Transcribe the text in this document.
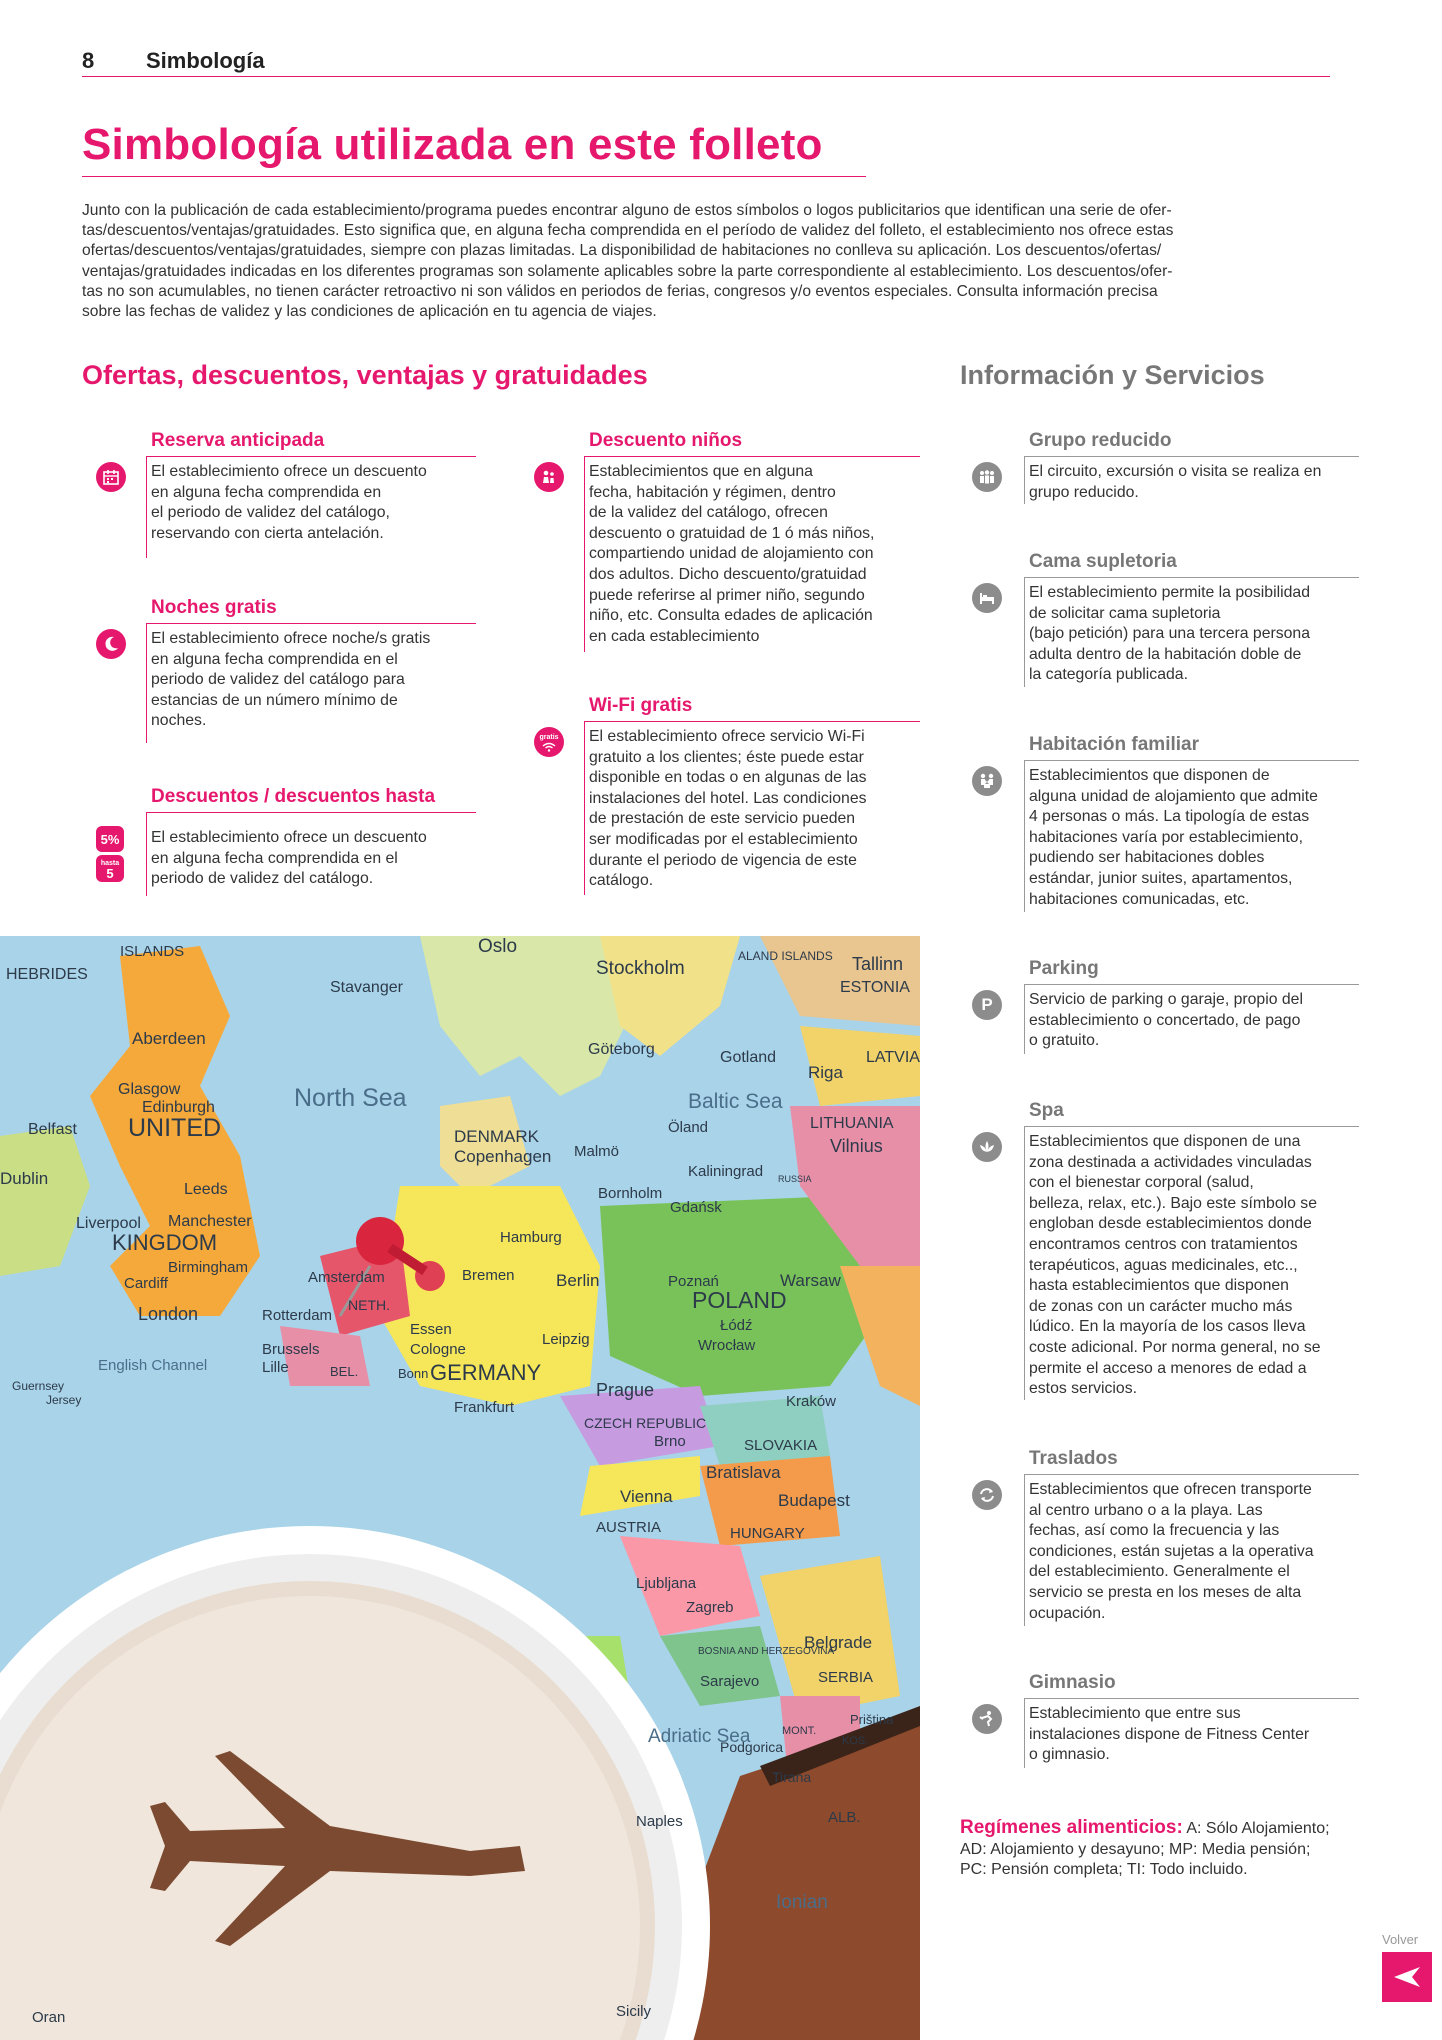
8 Simbología
Simbología utilizada en este folleto
Junto con la publicación de cada establecimiento/programa puedes encontrar alguno de estos símbolos o logos publicitarios que identifican una serie de ofer-
tas/descuentos/ventajas/gratuidades. Esto significa que, en alguna fecha comprendida en el período de validez del folleto, el establecimiento nos ofrece estas
ofertas/descuentos/ventajas/gratuidades, siempre con plazas limitadas. La disponibilidad de habitaciones no conlleva su aplicación. Los descuentos/ofertas/
ventajas/gratuidades indicadas en los diferentes programas son solamente aplicables sobre la parte correspondiente al establecimiento. Los descuentos/ofer-
tas no son acumulables, no tienen carácter retroactivo ni son válidos en periodos de ferias, congresos y/o eventos especiales. Consulta información precisa
sobre las fechas de validez y las condiciones de aplicación en tu agencia de viajes.
Ofertas, descuentos, ventajas y gratuidades	Información y Servicios
Reserva anticipada
El establecimiento ofrece un descuento
en alguna fecha comprendida en
el periodo de validez del catálogo,
reservando con cierta antelación.
Noches gratis
El establecimiento ofrece noche/s gratis
en alguna fecha comprendida en el
periodo de validez del catálogo para
estancias de un número mínimo de
noches.
5 %
hasta
5
Descuentos / descuentos hasta
El establecimiento ofrece un descuento
en alguna fecha comprendida en el
periodo de validez del catálogo.
Descuento niños
Establecimientos que en alguna
fecha, habitación y régimen, dentro
de la validez del catálogo, ofrecen
descuento o gratuidad de 1 ó más niños,
compartiendo unidad de alojamiento con
dos adultos. Dicho descuento/gratuidad
puede referirse al primer niño, segundo
niño, etc. Consulta edades de aplicación
en cada establecimiento
gratis
Wi-Fi gratis
El establecimiento ofrece servicio Wi-Fi
gratuito a los clientes; éste puede estar
disponible en todas o en algunas de las
instalaciones del hotel. Las condiciones
de prestación de este servicio pueden
ser modificadas por el establecimiento
durante el periodo de vigencia de este
catálogo.
Grupo reducido
El circuito, excursión o visita se realiza en
grupo reducido.
Cama supletoria
El establecimiento permite la posibilidad
de solicitar cama supletoria
(bajo petición) para una tercera persona
adulta dentro de la habitación doble de
la categoría publicada.
Habitación familiar
Establecimientos que disponen de
alguna unidad de alojamiento que admite
4 personas o más. La tipología de estas
habitaciones varía por establecimiento,
pudiendo ser habitaciones dobles
estándar, junior suites, apartamentos,
habitaciones comunicadas, etc.
P
Parking
Servicio de parking o garaje, propio del
establecimiento o concertado, de pago
o gratuito.
Spa
Establecimientos que disponen de una
zona destinada a actividades vinculadas
con el bienestar corporal (salud,
belleza, relax, etc.). Bajo este símbolo se
engloban desde establecimientos donde
encontramos centros con tratamientos
terapéuticos, aguas medicinales, etc..,
hasta establecimientos que disponen
de zonas con un carácter mucho más
lúdico. En la mayoría de los casos lleva
coste adicional. Por norma general, no se
permite el acceso a menores de edad a
estos servicios.
Traslados
Establecimientos que ofrecen transporte
al centro urbano o a la playa. Las
fechas, así como la frecuencia y las
condiciones, están sujetas a la operativa
del establecimiento. Generalmente el
servicio se presta en los meses de alta
ocupación.
Gimnasio
Establecimiento que entre sus
instalaciones dispone de Fitness Center
o gimnasio.
Regímenes alimenticios: A: Sólo Alojamiento;
AD: Alojamiento y desayuno; MP: Media pensión;
PC: Pensión completa; TI: Todo incluido.
HEBRIDES
ISLANDS	Oslo
Stockholm
ALAND ISLANDS Tallinn
ESTONIA
Aberdeen
Stavanger
Göteborg	Gotland
Riga
LATVIA
North Sea
Glasgow
Edinburgh
UNITED
Belfast	DENMARK
Copenhagen Malmö
Baltic Sea
Öland	LITHUANIA
Vilnius
Dublin
Leeds
Liverpool Manchester
Kaliningrad RUSSIA
Bornholm
Gdańsk
KINGDOM
Birmingham
Cardiff
London
Amsterdam
Hamburg
Bremen Berlin	Poznań
POLAND
Warsaw
Rotterdam
NETH.
Essen
Cologne
Leipzig
Łódź
Wrocław
Brussels
Lille	BEL.	Bonn GERMANY
English Channel
Guernsey
Jersey	Frankfurt
Prague
CZECH REPUBLIC
Brno
Kraków
SLOVAKIA
Bratislava
Vienna	Budapest
AUSTRIA	HUNGARY
Ljubljana
Zagreb
BOSNIA AND HERZEGOVINA
Sarajevo
Belgrade
SERBIA
Adriatic Sea
Podgorica
MONT.
KOS.
Priština
Tirana
ALB.
Naples
Ionian
Sicily
Oran
Volver
